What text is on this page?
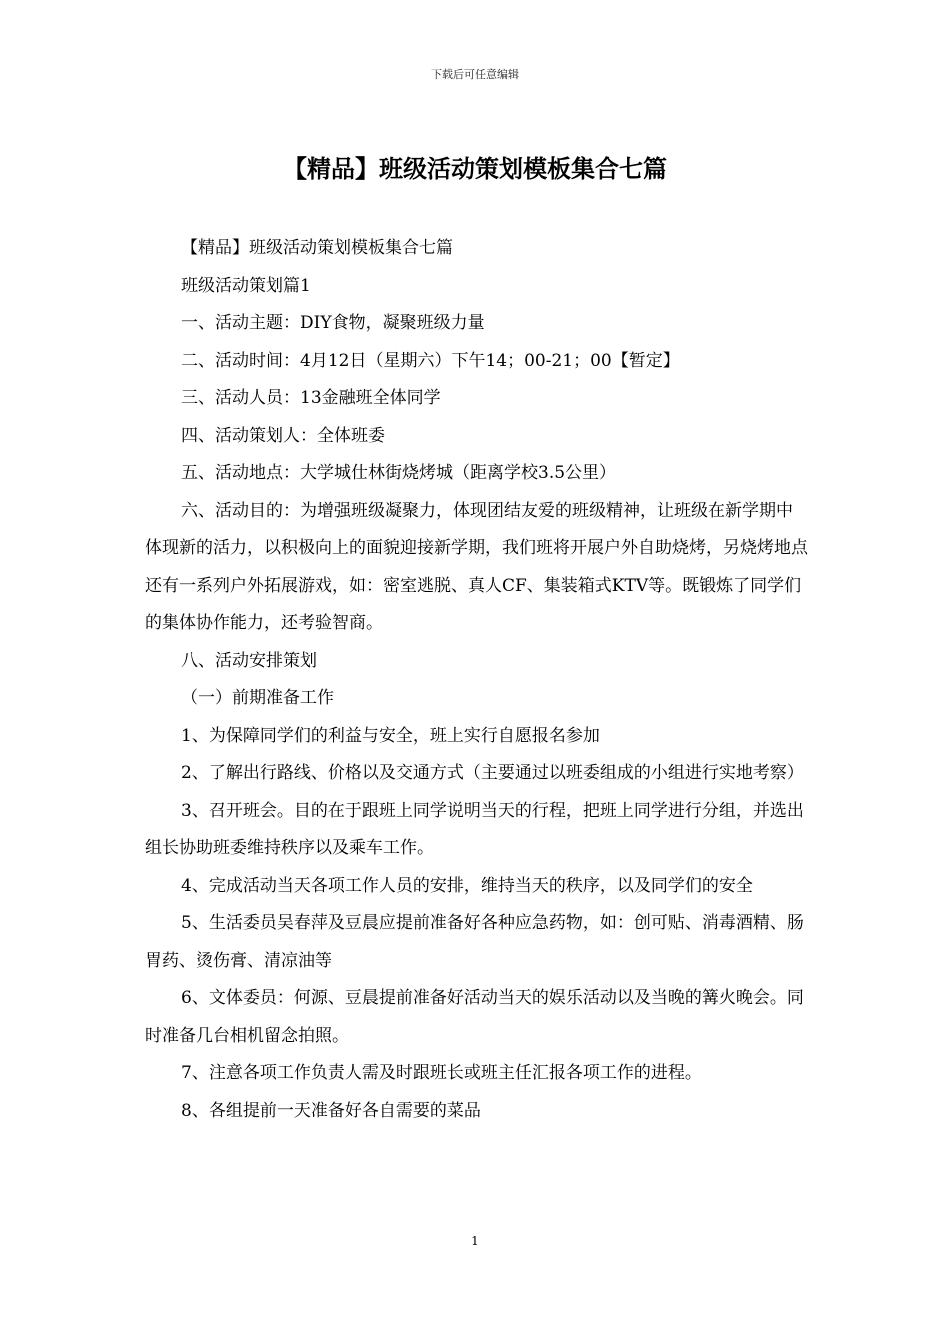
下载后可任意编辑
【精品】班级活动策划模板集合七篇

【精品】班级活动策划模板集合七篇

班级活动策划篇1

一、活动主题：DIY食物，凝聚班级力量

二、活动时间：4月12日（星期六）下午14；00-21；00【暂定】

三、活动人员：13金融班全体同学

四、活动策划人：全体班委

五、活动地点：大学城仕林街烧烤城（距离学校3.5公里）

六、活动目的：为增强班级凝聚力，体现团结友爱的班级精神，让班级在新学期中体现新的活力，以积极向上的面貌迎接新学期，我们班将开展户外自助烧烤，另烧烤地点还有一系列户外拓展游戏，如：密室逃脱、真人CF、集装箱式KTV等。既锻炼了同学们的集体协作能力，还考验智商。

八、活动安排策划

（一）前期准备工作

1、为保障同学们的利益与安全，班上实行自愿报名参加

2、了解出行路线、价格以及交通方式（主要通过以班委组成的小组进行实地考察）

3、召开班会。目的在于跟班上同学说明当天的行程，把班上同学进行分组，并选出组长协助班委维持秩序以及乘车工作。

4、完成活动当天各项工作人员的安排，维持当天的秩序，以及同学们的安全

5、生活委员吴春萍及豆晨应提前准备好各种应急药物，如：创可贴、消毒酒精、肠胃药、烫伤膏、清凉油等

6、文体委员：何源、豆晨提前准备好活动当天的娱乐活动以及当晚的篝火晚会。同时准备几台相机留念拍照。

7、注意各项工作负责人需及时跟班长或班主任汇报各项工作的进程。

8、各组提前一天准备好各自需要的菜品

1
